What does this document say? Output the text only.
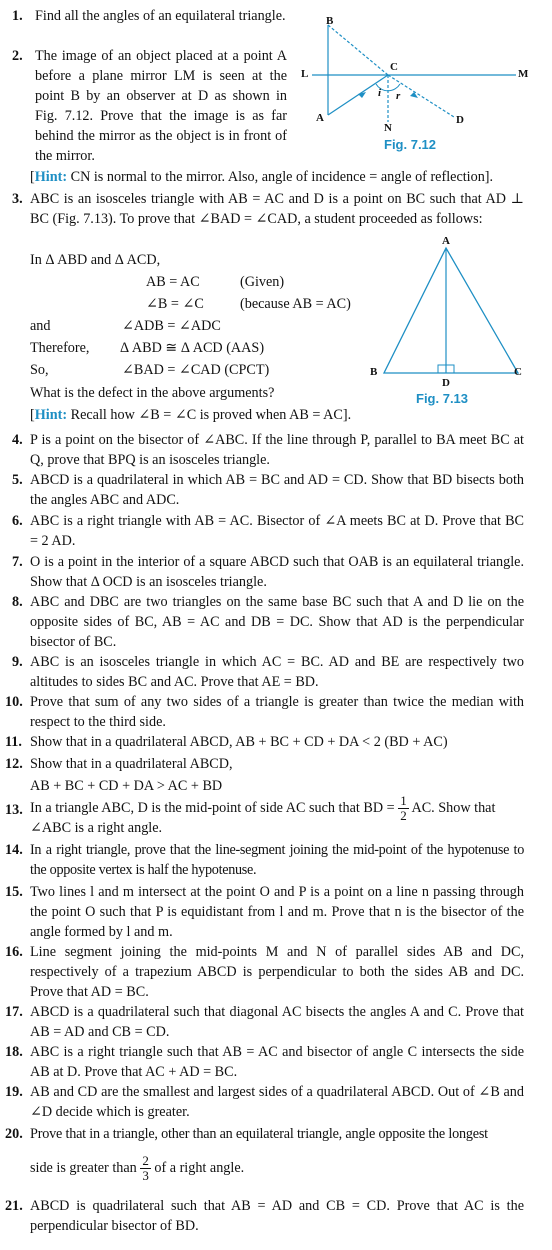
1. Find all the angles of an equilateral triangle.
2. The image of an object placed at a point A before a plane mirror LM is seen at the point B by an observer at D as shown in Fig. 7.12. Prove that the image is as far behind the mirror as the object is in front of the mirror.
B
L
C
M
A
N
D
i r
Fig. 7.12
[Hint: CN is normal to the mirror. Also, angle of incidence = angle of reflection].
3. ABC is an isosceles triangle with AB = AC and D is a point on BC such that AD ⊥ BC (Fig. 7.13). To prove that ∠BAD = ∠CAD, a student proceeded as follows:
In Δ ABD and Δ ACD,
and
Therefore,
So,
AB = AC
∠B = ∠C
∠ADB = ∠ADC
Δ ABD ≅ Δ ACD (AAS)
∠BAD = ∠CAD (CPCT)
(Given)
(because AB = AC)
What is the defect in the above arguments?
[Hint: Recall how ∠B = ∠C is proved when AB = AC].
A
B	C
D
Fig. 7.13
4. P is a point on the bisector of ∠ABC. If the line through P, parallel to BA meet BC at Q, prove that BPQ is an isosceles triangle.
5. ABCD is a quadrilateral in which AB = BC and AD = CD. Show that BD bisects both the angles ABC and ADC.
6. ABC is a right triangle with AB = AC. Bisector of ∠A meets BC at D. Prove that BC = 2 AD.
7. O is a point in the interior of a square ABCD such that OAB is an equilateral triangle. Show that Δ OCD is an isosceles triangle.
8. ABC and DBC are two triangles on the same base BC such that A and D lie on the opposite sides of BC, AB = AC and DB = DC. Show that AD is the perpendicular bisector of BC.
9. ABC is an isosceles triangle in which AC = BC. AD and BE are respectively two altitudes to sides BC and AC. Prove that AE = BD.
10. Prove that sum of any two sides of a triangle is greater than twice the median with respect to the third side.
11. Show that in a quadrilateral ABCD, AB + BC + CD + DA < 2 (BD + AC)
12. Show that in a quadrilateral ABCD,
AB + BC + CD + DA > AC + BD
13. In a triangle ABC, D is the mid-point of side AC such that BD = $\frac{1}{2}$ AC. Show that
∠ABC is a right angle.
14. In a right triangle, prove that the line-segment joining the mid-point of the hypotenuse to the opposite vertex is half the hypotenuse.
15. Two lines l and m intersect at the point O and P is a point on a line n passing through the point O such that P is equidistant from l and m. Prove that n is the bisector of the angle formed by l and m.
16. Line segment joining the mid-points M and N of parallel sides AB and DC, respectively of a trapezium ABCD is perpendicular to both the sides AB and DC. Prove that AD = BC.
17. ABCD is a quadrilateral such that diagonal AC bisects the angles A and C. Prove that AB = AD and CB = CD.
18. ABC is a right triangle such that AB = AC and bisector of angle C intersects the side AB at D. Prove that AC + AD = BC.
19. AB and CD are the smallest and largest sides of a quadrilateral ABCD. Out of ∠B and ∠D decide which is greater.
20. Prove that in a triangle, other than an equilateral triangle, angle opposite the longest
side is greater than $\frac{2}{3}$ of a right angle.
21. ABCD is quadrilateral such that AB = AD and CB = CD. Prove that AC is the perpendicular bisector of BD.
